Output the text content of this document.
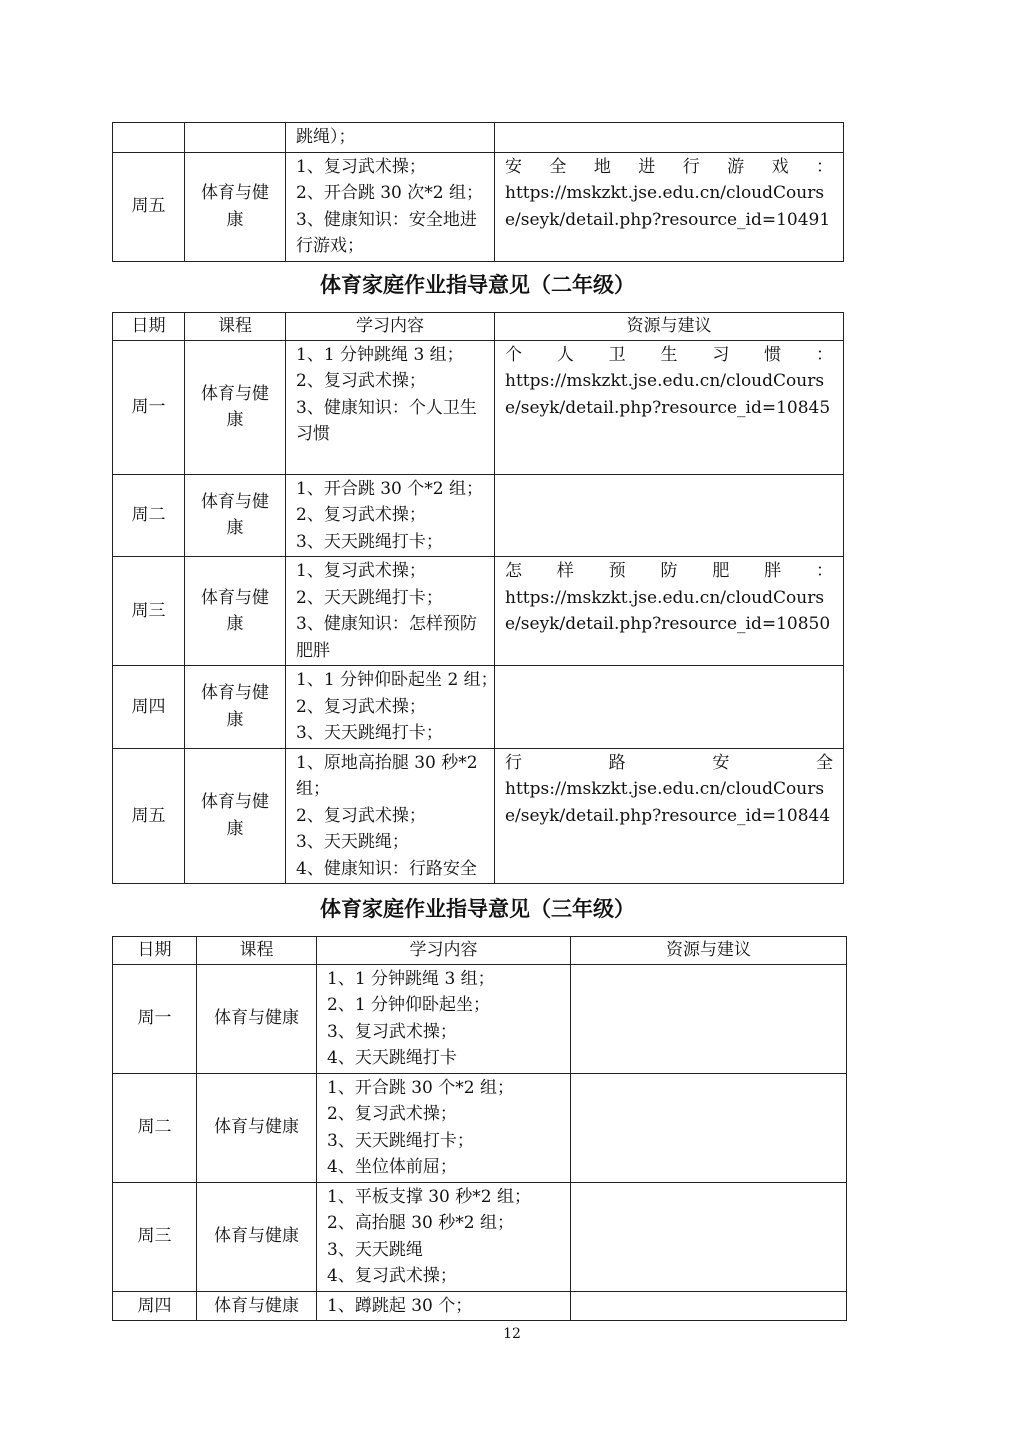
		跳绳）；	

周五	体育与健康	1、复习武术操；
2、开合跳 30 次*2 组；
3、健康知识：安全地进
行游戏；	安 全 地 进 行 游 戏 ：
https://mskzkt.jse.edu.cn/cloudCourse/seyk/detail.php?resource_id=10491
体育家庭作业指导意见（二年级）
日期	课程	学习内容	资源与建议
周一	体育与健康	1、1 分钟跳绳 3 组；
2、复习武术操；
3、健康知识：个人卫生
习惯	个 人 卫 生 习 惯 ：
https://mskzkt.jse.edu.cn/cloudCourse/seyk/detail.php?resource_id=10845
周二	体育与健康	1、开合跳 30 个*2 组；
2、复习武术操；
3、天天跳绳打卡；	

周三	体育与健康	1、复习武术操；
2、天天跳绳打卡；
3、健康知识：怎样预防
肥胖	怎 样 预 防 肥 胖 ：
https://mskzkt.jse.edu.cn/cloudCourse/seyk/detail.php?resource_id=10850
周四	体育与健康	1、1 分钟仰卧起坐 2 组；
2、复习武术操；
3、天天跳绳打卡；	

周五	体育与健康	1、原地高抬腿 30 秒*2
组；
2、复习武术操；
3、天天跳绳；
4、健康知识：行路安全	行 路 安 全
https://mskzkt.jse.edu.cn/cloudCourse/seyk/detail.php?resource_id=10844
体育家庭作业指导意见（三年级）
日期	课程	学习内容	资源与建议
周一	体育与健康	1、1 分钟跳绳 3 组；
2、1 分钟仰卧起坐；
3、复习武术操；
4、天天跳绳打卡	

周二	体育与健康	1、开合跳 30 个*2 组；
2、复习武术操；
3、天天跳绳打卡；
4、坐位体前屈；	

周三	体育与健康	1、平板支撑 30 秒*2 组；
2、高抬腿 30 秒*2 组；
3、天天跳绳
4、复习武术操；	

周四	体育与健康	1、蹲跳起 30 个；	

12
